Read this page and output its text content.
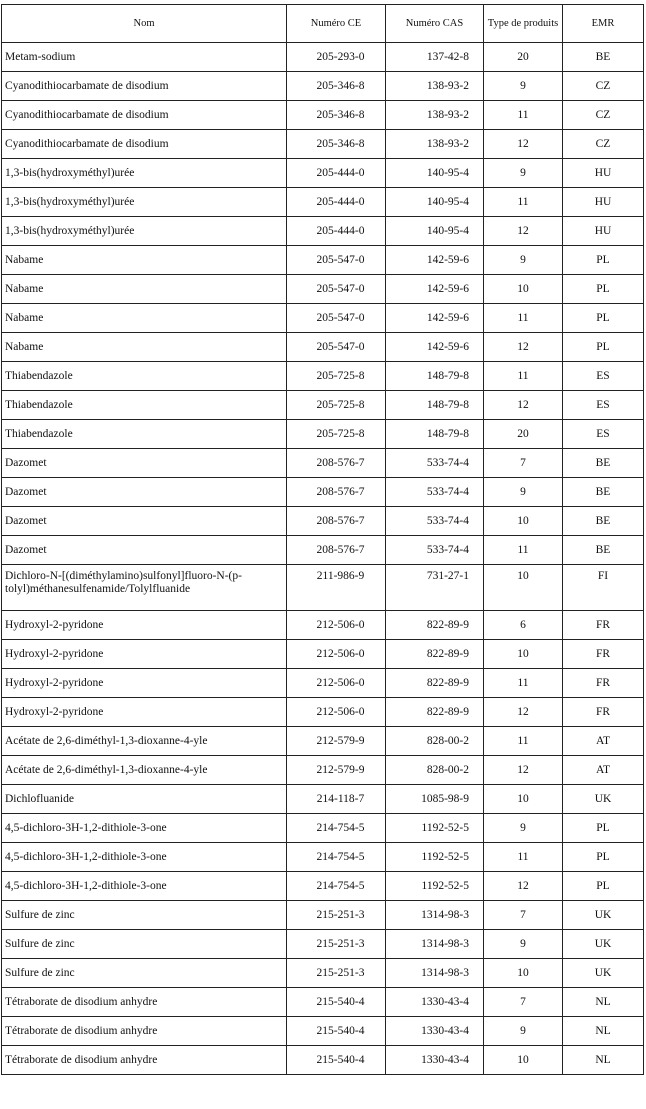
Nom	Numéro CE	Numéro CAS	Type de produits	EMR
Metam-sodium	205-293-0	137-42-8	20	BE
Cyanodithiocarbamate de disodium	205-346-8	138-93-2	9	CZ
Cyanodithiocarbamate de disodium	205-346-8	138-93-2	11	CZ
Cyanodithiocarbamate de disodium	205-346-8	138-93-2	12	CZ
1,3-bis(hydroxyméthyl)urée	205-444-0	140-95-4	9	HU
1,3-bis(hydroxyméthyl)urée	205-444-0	140-95-4	11	HU
1,3-bis(hydroxyméthyl)urée	205-444-0	140-95-4	12	HU
Nabame	205-547-0	142-59-6	9	PL
Nabame	205-547-0	142-59-6	10	PL
Nabame	205-547-0	142-59-6	11	PL
Nabame	205-547-0	142-59-6	12	PL
Thiabendazole	205-725-8	148-79-8	11	ES
Thiabendazole	205-725-8	148-79-8	12	ES
Thiabendazole	205-725-8	148-79-8	20	ES
Dazomet	208-576-7	533-74-4	7	BE
Dazomet	208-576-7	533-74-4	9	BE
Dazomet	208-576-7	533-74-4	10	BE
Dazomet	208-576-7	533-74-4	11	BE
Dichloro-N-[(diméthylamino)sulfonyl]fluoro-N-(p-tolyl)méthanesulfenamide/Tolylfluanide	211-986-9	731-27-1	10	FI
Hydroxyl-2-pyridone	212-506-0	822-89-9	6	FR
Hydroxyl-2-pyridone	212-506-0	822-89-9	10	FR
Hydroxyl-2-pyridone	212-506-0	822-89-9	11	FR
Hydroxyl-2-pyridone	212-506-0	822-89-9	12	FR
Acétate de 2,6-diméthyl-1,3-dioxanne-4-yle	212-579-9	828-00-2	11	AT
Acétate de 2,6-diméthyl-1,3-dioxanne-4-yle	212-579-9	828-00-2	12	AT
Dichlofluanide	214-118-7	1085-98-9	10	UK
4,5-dichloro-3H-1,2-dithiole-3-one	214-754-5	1192-52-5	9	PL
4,5-dichloro-3H-1,2-dithiole-3-one	214-754-5	1192-52-5	11	PL
4,5-dichloro-3H-1,2-dithiole-3-one	214-754-5	1192-52-5	12	PL
Sulfure de zinc	215-251-3	1314-98-3	7	UK
Sulfure de zinc	215-251-3	1314-98-3	9	UK
Sulfure de zinc	215-251-3	1314-98-3	10	UK
Tétraborate de disodium anhydre	215-540-4	1330-43-4	7	NL
Tétraborate de disodium anhydre	215-540-4	1330-43-4	9	NL
Tétraborate de disodium anhydre	215-540-4	1330-43-4	10	NL
